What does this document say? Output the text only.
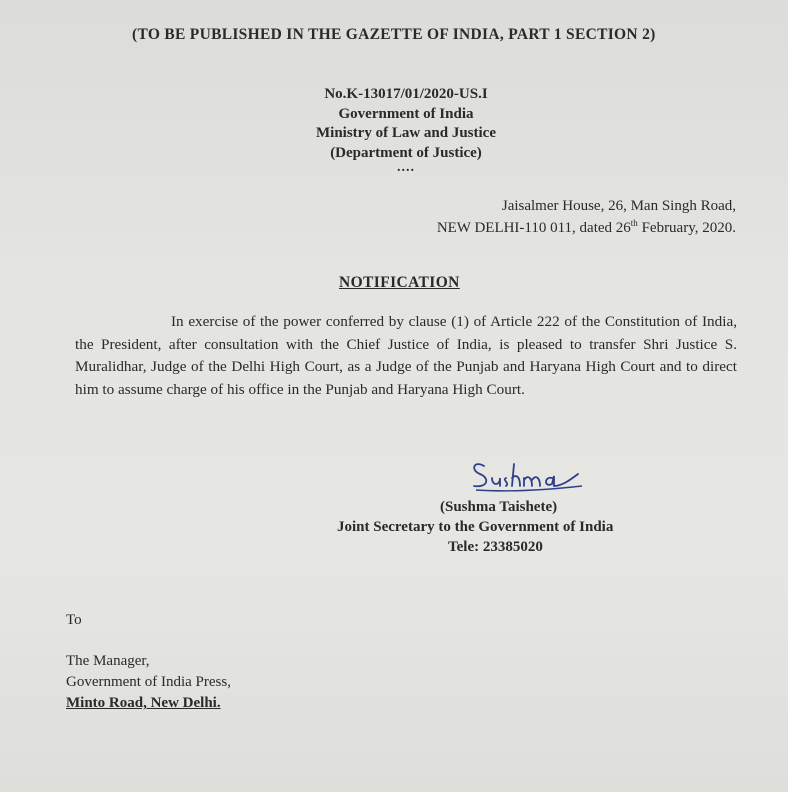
(TO BE PUBLISHED IN THE GAZETTE OF INDIA, PART 1 SECTION 2)
No.K-13017/01/2020-US.I
Government of India
Ministry of Law and Justice
(Department of Justice)
....
Jaisalmer House, 26, Man Singh Road,
NEW DELHI-110 011, dated 26th February, 2020.
NOTIFICATION
In exercise of the power conferred by clause (1) of Article 222 of the Constitution of India, the President, after consultation with the Chief Justice of India, is pleased to transfer Shri Justice S. Muralidhar, Judge of the Delhi High Court, as a Judge of the Punjab and Haryana High Court and to direct him to assume charge of his office in the Punjab and Haryana High Court.
(Sushma Taishete)
Joint Secretary to the Government of India
Tele: 23385020
To
The Manager,
Government of India Press,
Minto Road, New Delhi.
